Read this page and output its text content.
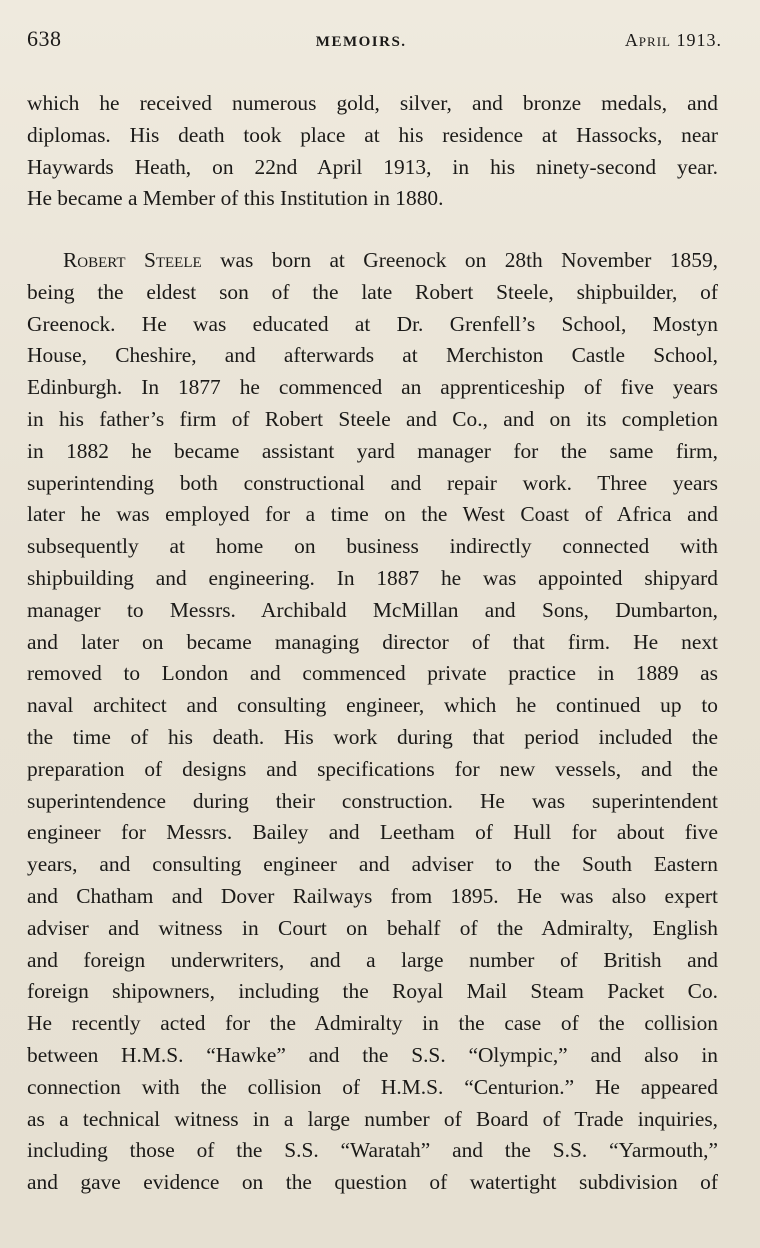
638	MEMOIRS.	April 1913.
which he received numerous gold, silver, and bronze medals, and
diplomas. His death took place at his residence at Hassocks, near
Haywards Heath, on 22nd April 1913, in his ninety-second year.
He became a Member of this Institution in 1880.
Robert Steele was born at Greenock on 28th November 1859,
being the eldest son of the late Robert Steele, shipbuilder, of
Greenock. He was educated at Dr. Grenfell’s School, Mostyn
House, Cheshire, and afterwards at Merchiston Castle School,
Edinburgh. In 1877 he commenced an apprenticeship of five years
in his father’s firm of Robert Steele and Co., and on its completion
in 1882 he became assistant yard manager for the same firm,
superintending both constructional and repair work. Three years
later he was employed for a time on the West Coast of Africa and
subsequently at home on business indirectly connected with
shipbuilding and engineering. In 1887 he was appointed shipyard
manager to Messrs. Archibald McMillan and Sons, Dumbarton,
and later on became managing director of that firm. He next
removed to London and commenced private practice in 1889 as
naval architect and consulting engineer, which he continued up to
the time of his death. His work during that period included the
preparation of designs and specifications for new vessels, and the
superintendence during their construction. He was superintendent
engineer for Messrs. Bailey and Leetham of Hull for about five
years, and consulting engineer and adviser to the South Eastern
and Chatham and Dover Railways from 1895. He was also expert
adviser and witness in Court on behalf of the Admiralty, English
and foreign underwriters, and a large number of British and
foreign shipowners, including the Royal Mail Steam Packet Co.
He recently acted for the Admiralty in the case of the collision
between H.M.S. “Hawke” and the S.S. “Olympic,” and also in
connection with the collision of H.M.S. “Centurion.” He appeared
as a technical witness in a large number of Board of Trade inquiries,
including those of the S.S. “Waratah” and the S.S. “Yarmouth,”
and gave evidence on the question of watertight subdivision of
